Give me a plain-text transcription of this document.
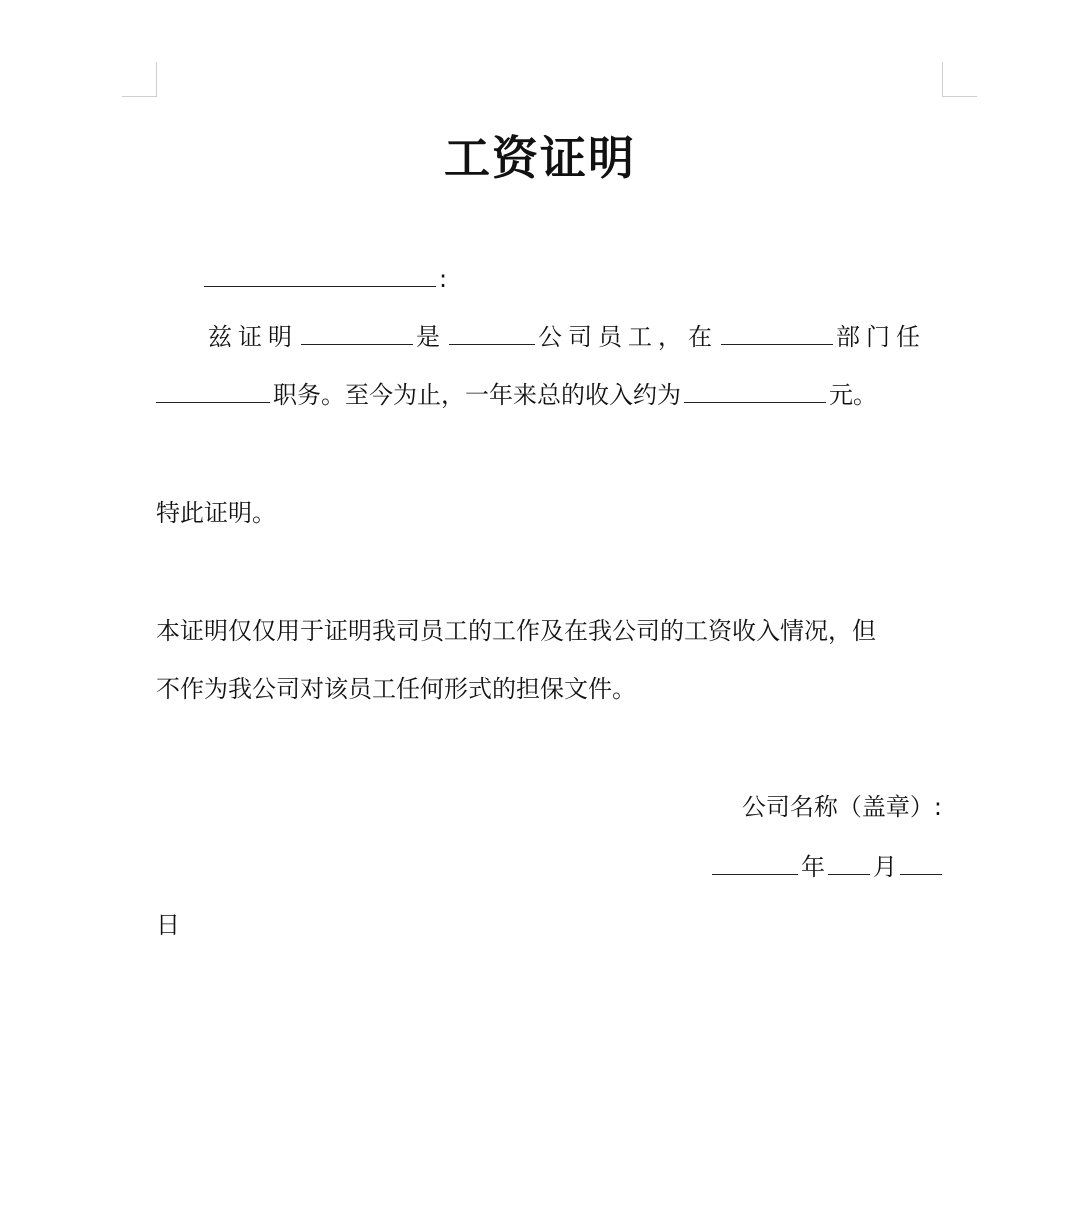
工资证明
:
兹证明	是	公司员工，在	部门任
职务。至今为止，一年来总的收入约为	元。
特此证明。
本证明仅仅用于证明我司员工的工作及在我公司的工资收入情况，但
不作为我公司对该员工任何形式的担保文件。
公司名称（盖章）:
年 月
日
